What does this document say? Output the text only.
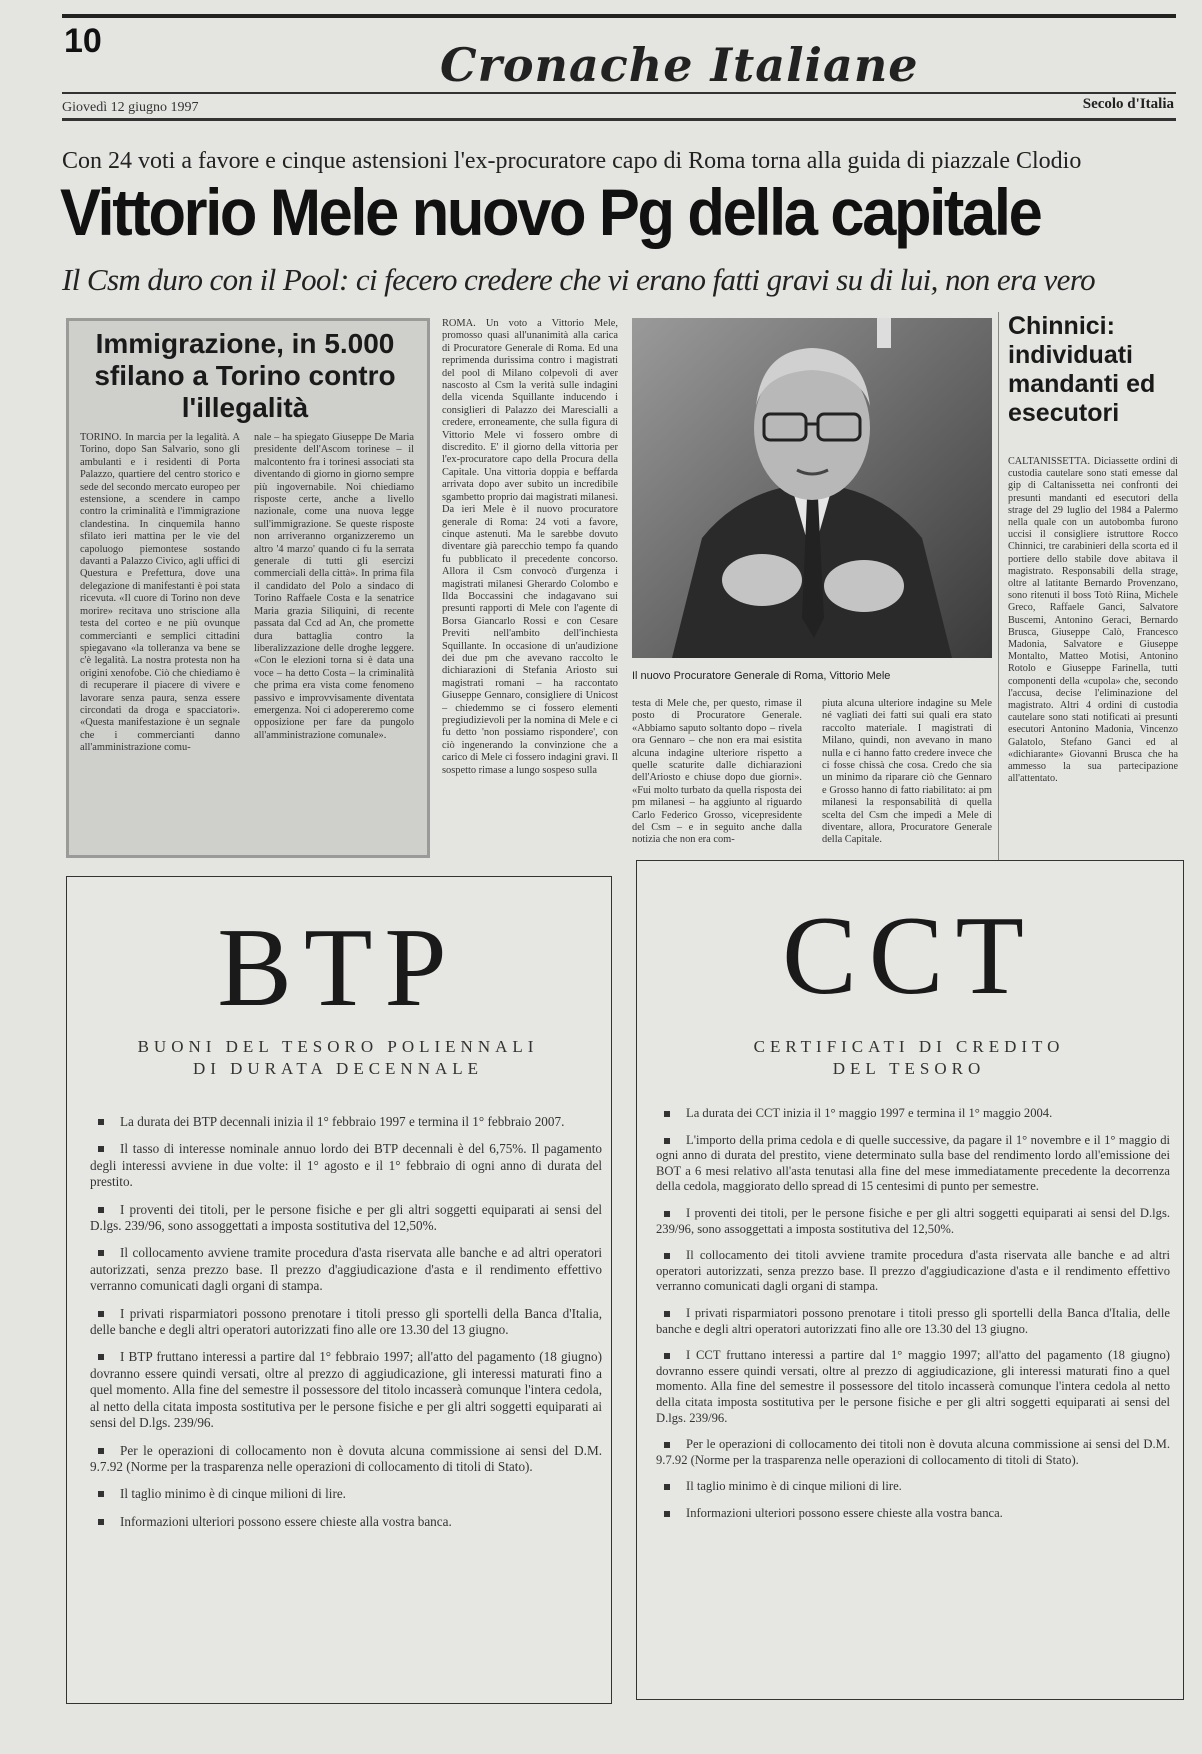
10	Cronache Italiane
Giovedì 12 giugno 1997	Secolo d'Italia
Con 24 voti a favore e cinque astensioni l'ex-procuratore capo di Roma torna alla guida di piazzale Clodio
Vittorio Mele nuovo Pg della capitale
Il Csm duro con il Pool: ci fecero credere che vi erano fatti gravi su di lui, non era vero
Immigrazione, in 5.000 sfilano a Torino contro l'illegalità
TORINO. In marcia per la legalità. A Torino, dopo San Salvario, sono gli ambulanti e i residenti di Porta Palazzo, quartiere del centro storico e sede del secondo mercato europeo per estensione, a scendere in campo contro la criminalità e l'immigrazione clandestina. In cinquemila hanno sfilato ieri mattina per le vie del capoluogo piemontese sostando davanti a Palazzo Civico, agli uffici di Questura e Prefettura, dove una delegazione di manifestanti è poi stata ricevuta. «Il cuore di Torino non deve morire» recitava uno striscione alla testa del corteo e ne più ovunque commercianti e semplici cittadini spiegavano «la tolleranza va bene se c'è legalità. La nostra protesta non ha origini xenofobe. Ciò che chiediamo è di recuperare il piacere di vivere e lavorare senza paura, senza essere circondati da droga e spacciatori». «Questa manifestazione è un segnale che i commercianti danno all'amministrazione comu-
nale – ha spiegato Giuseppe De Maria presidente dell'Ascom torinese – il malcontento fra i torinesi associati sta diventando di giorno in giorno sempre più ingovernabile. Noi chiediamo risposte certe, anche a livello nazionale, come una nuova legge sull'immigrazione. Se queste risposte non arriveranno organizzeremo un altro '4 marzo' quando ci fu la serrata generale di tutti gli esercizi commerciali della città». In prima fila il candidato del Polo a sindaco di Torino Raffaele Costa e la senatrice Maria grazia Siliquini, di recente passata dal Ccd ad An, che promette dura battaglia contro la liberalizzazione delle droghe leggere. «Con le elezioni torna si è data una voce – ha detto Costa – la criminalità che prima era vista come fenomeno passivo e improvvisamente diventata emergenza. Noi ci adopereremo come opposizione per fare da pungolo all'amministrazione comunale».
ROMA. Un voto a Vittorio Mele, promosso quasi all'unanimità alla carica di Procuratore Generale di Roma. Ed una reprimenda durissima contro i magistrati del pool di Milano colpevoli di aver nascosto al Csm la verità sulle indagini della vicenda Squillante inducendo i consiglieri di Palazzo dei Marescialli a credere, erroneamente, che sulla figura di Vittorio Mele vi fossero ombre di discredito. E' il giorno della vittoria per l'ex-procuratore capo della Procura della Capitale. Una vittoria doppia e beffarda arrivata dopo aver subito un incredibile sgambetto proprio dai magistrati milanesi. Da ieri Mele è il nuovo procuratore generale di Roma: 24 voti a favore, cinque astenuti. Ma le sarebbe dovuto diventare già parecchio tempo fa quando fu pubblicato il precedente concorso. Allora il Csm convocò d'urgenza i magistrati milanesi Gherardo Colombo e Ilda Boccassini che indagavano sui presunti rapporti di Mele con l'agente di Borsa Giancarlo Rossi e con Cesare Previti nell'ambito dell'inchiesta Squillante. In occasione di un'audizione dei due pm che avevano raccolto le dichiarazioni di Stefania Ariosto sui magistrati romani – ha raccontato Giuseppe Gennaro, consigliere di Unicost – chiedemmo se ci fossero elementi pregiudizievoli per la nomina di Mele e ci fu detto 'non possiamo rispondere', con ciò ingenerando la convinzione che a carico di Mele ci fossero indagini gravi. Il sospetto rimase a lungo sospeso sulla
testa di Mele che, per questo, rimase il posto di Procuratore Generale. «Abbiamo saputo soltanto dopo – rivela ora Gennaro – che non era mai esistita alcuna indagine ulteriore rispetto a quelle scaturite dalle dichiarazioni dell'Ariosto e chiuse dopo due giorni». «Fui molto turbato da quella risposta dei pm milanesi – ha aggiunto al riguardo Carlo Federico Grosso, vicepresidente del Csm – e in seguito anche dalla notizia che non era com-
piuta alcuna ulteriore indagine su Mele né vagliati dei fatti sui quali era stato raccolto materiale. I magistrati di Milano, quindi, non avevano in mano nulla e ci hanno fatto credere invece che ci fosse chissà che cosa. Credo che sia un minimo da riparare ciò che Gennaro e Grosso hanno di fatto riabilitato: ai pm milanesi la responsabilità di quella scelta del Csm che impedì a Mele di diventare, allora, Procuratore Generale della Capitale.
Il nuovo Procuratore Generale di Roma, Vittorio Mele
Chinnici: individuati mandanti ed esecutori
CALTANISSETTA. Diciassette ordini di custodia cautelare sono stati emesse dal gip di Caltanissetta nei confronti dei presunti mandanti ed esecutori della strage del 29 luglio del 1984 a Palermo nella quale con un autobomba furono uccisi il consigliere istruttore Rocco Chinnici, tre carabinieri della scorta ed il portiere dello stabile dove abitava il magistrato. Responsabili della strage, oltre al latitante Bernardo Provenzano, sono ritenuti il boss Totò Riina, Michele Greco, Raffaele Ganci, Salvatore Buscemi, Antonino Geraci, Bernardo Brusca, Giuseppe Calò, Francesco Madonia, Salvatore e Giuseppe Montalto, Matteo Motisi, Antonino Rotolo e Giuseppe Farinella, tutti componenti della «cupola» che, secondo l'accusa, decise l'eliminazione del magistrato. Altri 4 ordini di custodia cautelare sono stati notificati ai presunti esecutori Antonino Madonia, Vincenzo Galatolo, Stefano Ganci ed al «dichiarante» Giovanni Brusca che ha ammesso la sua partecipazione all'attentato.
BTP
BUONI DEL TESORO POLIENNALI
DI DURATA DECENNALE
La durata dei BTP decennali inizia il 1° febbraio 1997 e termina il 1° febbraio 2007.
Il tasso di interesse nominale annuo lordo dei BTP decennali è del 6,75%. Il pagamento degli interessi avviene in due volte: il 1° agosto e il 1° febbraio di ogni anno di durata del prestito.
I proventi dei titoli, per le persone fisiche e per gli altri soggetti equiparati ai sensi del D.lgs. 239/96, sono assoggettati a imposta sostitutiva del 12,50%.
Il collocamento avviene tramite procedura d'asta riservata alle banche e ad altri operatori autorizzati, senza prezzo base. Il prezzo d'aggiudicazione d'asta e il rendimento effettivo verranno comunicati dagli organi di stampa.
I privati risparmiatori possono prenotare i titoli presso gli sportelli della Banca d'Italia, delle banche e degli altri operatori autorizzati fino alle ore 13.30 del 13 giugno.
I BTP fruttano interessi a partire dal 1° febbraio 1997; all'atto del pagamento (18 giugno) dovranno essere quindi versati, oltre al prezzo di aggiudicazione, gli interessi maturati fino a quel momento. Alla fine del semestre il possessore del titolo incasserà comunque l'intera cedola, al netto della citata imposta sostitutiva per le persone fisiche e per gli altri soggetti equiparati ai sensi del D.lgs. 239/96.
Per le operazioni di collocamento non è dovuta alcuna commissione ai sensi del D.M. 9.7.92 (Norme per la trasparenza nelle operazioni di collocamento di titoli di Stato).
Il taglio minimo è di cinque milioni di lire.
Informazioni ulteriori possono essere chieste alla vostra banca.
CCT
CERTIFICATI DI CREDITO
DEL TESORO
La durata dei CCT inizia il 1° maggio 1997 e termina il 1° maggio 2004.
L'importo della prima cedola e di quelle successive, da pagare il 1° novembre e il 1° maggio di ogni anno di durata del prestito, viene determinato sulla base del rendimento lordo all'emissione dei BOT a 6 mesi relativo all'asta tenutasi alla fine del mese immediatamente precedente la decorrenza della cedola, maggiorato dello spread di 15 centesimi di punto per semestre.
I proventi dei titoli, per le persone fisiche e per gli altri soggetti equiparati ai sensi del D.lgs. 239/96, sono assoggettati a imposta sostitutiva del 12,50%.
Il collocamento dei titoli avviene tramite procedura d'asta riservata alle banche e ad altri operatori autorizzati, senza prezzo base. Il prezzo d'aggiudicazione d'asta e il rendimento effettivo verranno comunicati dagli organi di stampa.
I privati risparmiatori possono prenotare i titoli presso gli sportelli della Banca d'Italia, delle banche e degli altri operatori autorizzati fino alle ore 13.30 del 13 giugno.
I CCT fruttano interessi a partire dal 1° maggio 1997; all'atto del pagamento (18 giugno) dovranno essere quindi versati, oltre al prezzo di aggiudicazione, gli interessi maturati fino a quel momento. Alla fine del semestre il possessore del titolo incasserà comunque l'intera cedola al netto della citata imposta sostitutiva per le persone fisiche e per gli altri soggetti equiparati ai sensi del D.lgs. 239/96.
Per le operazioni di collocamento dei titoli non è dovuta alcuna commissione ai sensi del D.M. 9.7.92 (Norme per la trasparenza nelle operazioni di collocamento di titoli di Stato).
Il taglio minimo è di cinque milioni di lire.
Informazioni ulteriori possono essere chieste alla vostra banca.
